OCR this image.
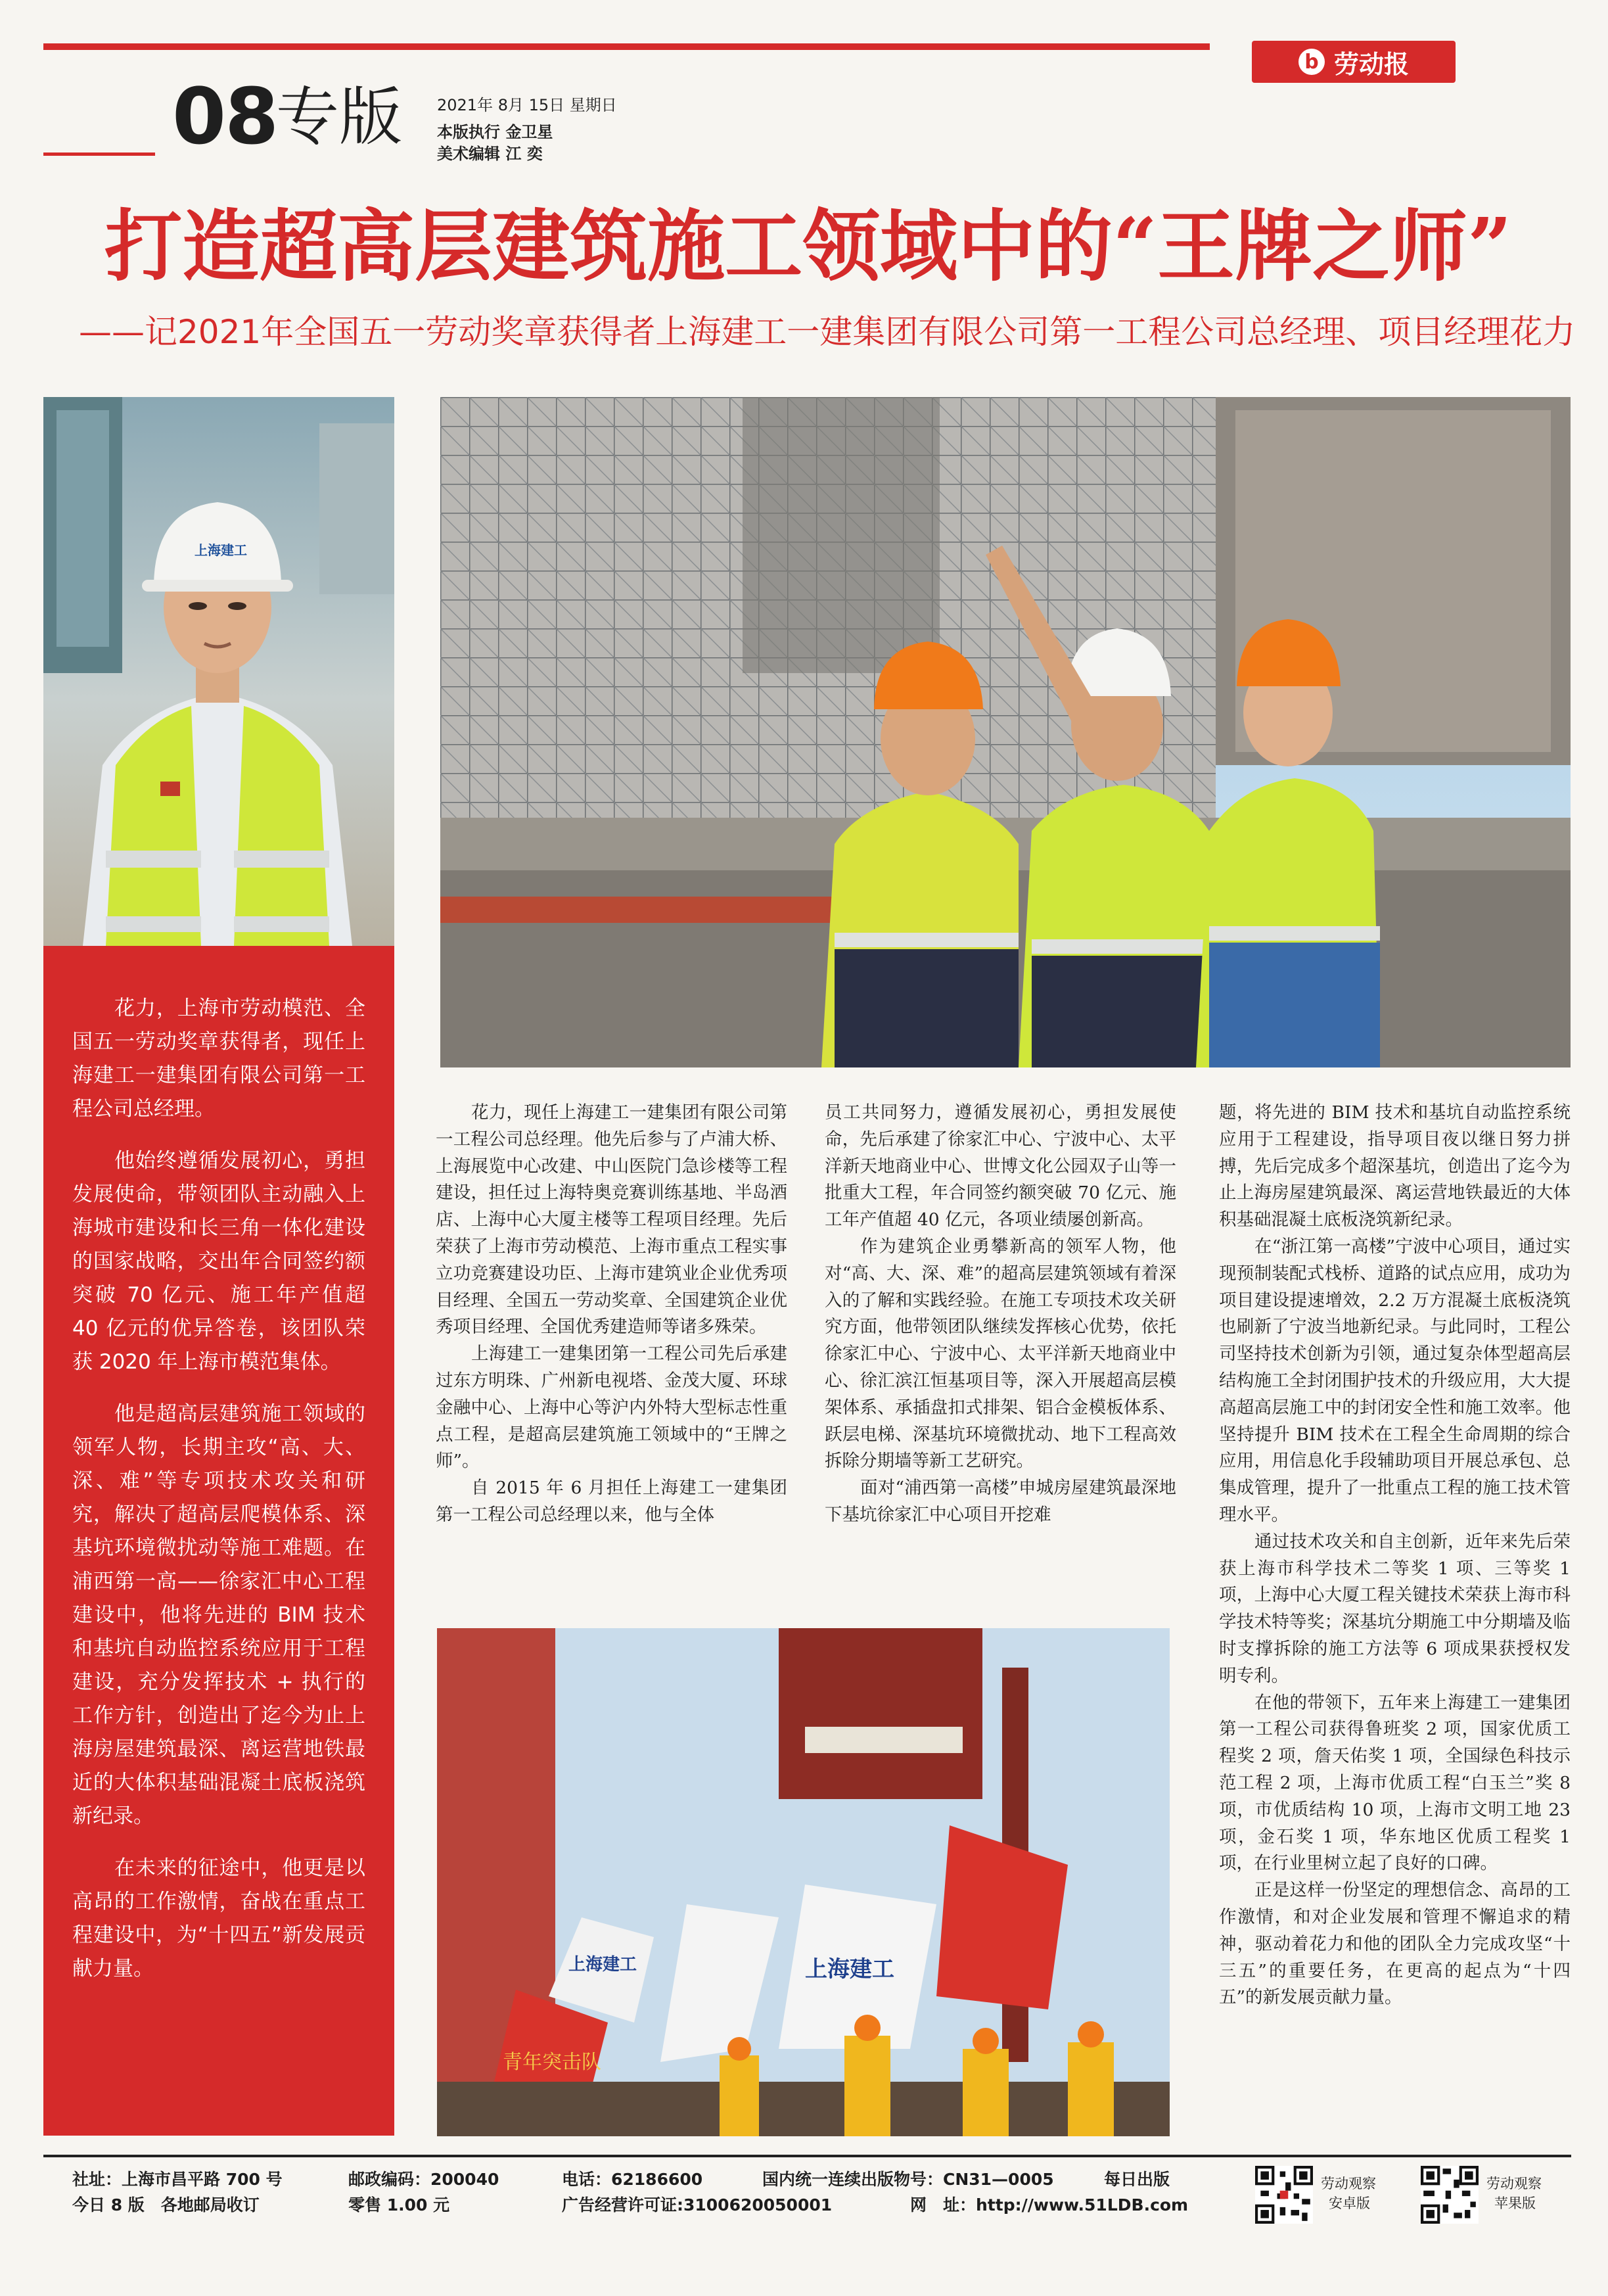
b 劳动报
08
专版 2021年 8月 15日 星期日
本版执行 金卫星
美术编辑 江 奕
打造超高层建筑施工领域中的“王牌之师”
——记2021年全国五一劳动奖章获得者上海建工一建集团有限公司第一工程公司总经理、项目经理花力
上海建工

花力，上海市劳动模范、全国五一劳动奖章获得者，现任上海建工一建集团有限公司第一工程公司总经理。

他始终遵循发展初心，勇担发展使命，带领团队主动融入上海城市建设和长三角一体化建设的国家战略，交出年合同签约额突破 70 亿元、施工年产值超 40 亿元的优异答卷，该团队荣获 2020 年上海市模范集体。

他是超高层建筑施工领域的领军人物，长期主攻“高、大、深、难”等专项技术攻关和研究，解决了超高层爬模体系、深基坑环境微扰动等施工难题。在浦西第一高——徐家汇中心工程建设中，他将先进的 BIM 技术和基坑自动监控系统应用于工程建设，充分发挥技术 + 执行的工作方针，创造出了迄今为止上海房屋建筑最深、离运营地铁最近的大体积基础混凝土底板浇筑新纪录。

在未来的征途中，他更是以高昂的工作激情，奋战在重点工程建设中，为“十四五”新发展贡献力量。	上海建工	上海建工
青年突击队

花力，现任上海建工一建集团有限公司第一工程公司总经理。他先后参与了卢浦大桥、上海展览中心改建、中山医院门急诊楼等工程建设，担任过上海特奥竞赛训练基地、半岛酒店、上海中心大厦主楼等工程项目经理。先后荣获了上海市劳动模范、上海市重点工程实事立功竞赛建设功臣、上海市建筑业企业优秀项目经理、全国五一劳动奖章、全国建筑企业优秀项目经理、全国优秀建造师等诸多殊荣。

上海建工一建集团第一工程公司先后承建过东方明珠、广州新电视塔、金茂大厦、环球金融中心、上海中心等沪内外特大型标志性重点工程，是超高层建筑施工领域中的“王牌之师”。

自 2015 年 6 月担任上海建工一建集团第一工程公司总经理以来，他与全体

员工共同努力，遵循发展初心，勇担发展使命，先后承建了徐家汇中心、宁波中心、太平洋新天地商业中心、世博文化公园双子山等一批重大工程，年合同签约额突破 70 亿元、施工年产值超 40 亿元，各项业绩屡创新高。

作为建筑企业勇攀新高的领军人物，他对“高、大、深、难”的超高层建筑领域有着深入的了解和实践经验。在施工专项技术攻关研究方面，他带领团队继续发挥核心优势，依托徐家汇中心、宁波中心、太平洋新天地商业中心、徐汇滨江恒基项目等，深入开展超高层模架体系、承插盘扣式排架、铝合金模板体系、跃层电梯、深基坑环境微扰动、地下工程高效拆除分期墙等新工艺研究。

面对“浦西第一高楼”申城房屋建筑最深地下基坑徐家汇中心项目开挖难

题，将先进的 BIM 技术和基坑自动监控系统应用于工程建设，指导项目夜以继日努力拼搏，先后完成多个超深基坑，创造出了迄今为止上海房屋建筑最深、离运营地铁最近的大体积基础混凝土底板浇筑新纪录。

在“浙江第一高楼”宁波中心项目，通过实现预制装配式栈桥、道路的试点应用，成功为项目建设提速增效，2.2 万方混凝土底板浇筑也刷新了宁波当地新纪录。与此同时，工程公司坚持技术创新为引领，通过复杂体型超高层结构施工全封闭围护技术的升级应用，大大提高超高层施工中的封闭安全性和施工效率。他坚持提升 BIM 技术在工程全生命周期的综合应用，用信息化手段辅助项目开展总承包、总集成管理，提升了一批重点工程的施工技术管理水平。

通过技术攻关和自主创新，近年来先后荣获上海市科学技术二等奖 1 项、三等奖 1 项，上海中心大厦工程关键技术荣获上海市科学技术特等奖；深基坑分期施工中分期墙及临时支撑拆除的施工方法等 6 项成果获授权发明专利。

在他的带领下，五年来上海建工一建集团第一工程公司获得鲁班奖 2 项，国家优质工程奖 2 项，詹天佑奖 1 项，全国绿色科技示范工程 2 项，上海市优质工程“白玉兰”奖 8 项，市优质结构 10 项，上海市文明工地 23 项，金石奖 1 项，华东地区优质工程奖 1 项，在行业里树立起了良好的口碑。

正是这样一份坚定的理想信念、高昂的工作激情，和对企业发展和管理不懈追求的精神，驱动着花力和他的团队全力完成攻坚“十三五”的重要任务，在更高的起点为“十四五”的新发展贡献力量。

社址：上海市昌平路 700 号
今日 8 版　各地邮局收订
邮政编码：200040
零售 1.00 元
电话：62186600
广告经营许可证:3100620050001
国内统一连续出版物号：CN31—0005
网　址：http://www.51LDB.com
每日出版	劳动观察
安卓版
劳动观察
苹果版
